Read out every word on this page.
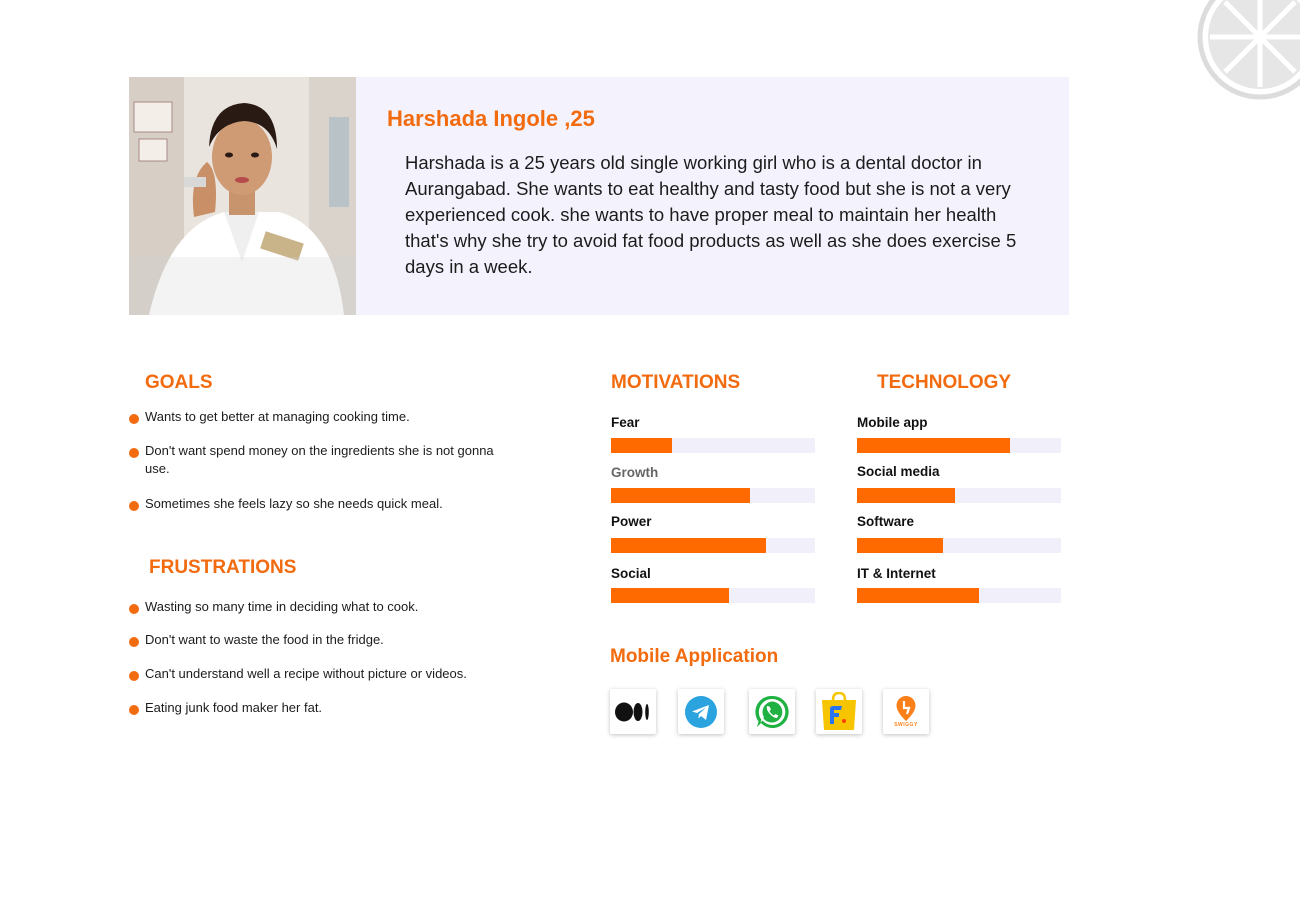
Harshada Ingole ,25

Harshada is a 25 years old single working girl who is a dental doctor in Aurangabad. She wants to eat healthy and tasty food but she is not a very experienced cook. she wants to have proper meal to maintain her health that's why she try to avoid fat food products as well as she does exercise 5 days in a week.

GOALS
Wants to get better at managing cooking time.
Don't want spend money on the ingredients she is not gonna use.
Sometimes she feels lazy so she needs quick meal.
FRUSTRATIONS
Wasting so many time in deciding what to cook.
Don't want to waste the food in the fridge.
Can't understand well a recipe without picture or videos.
Eating junk food maker her fat.
MOTIVATIONS
Fear
Growth
Power
Social
TECHNOLOGY
Mobile app
Social media
Software
IT & Internet
Mobile Application
SWIGGY
